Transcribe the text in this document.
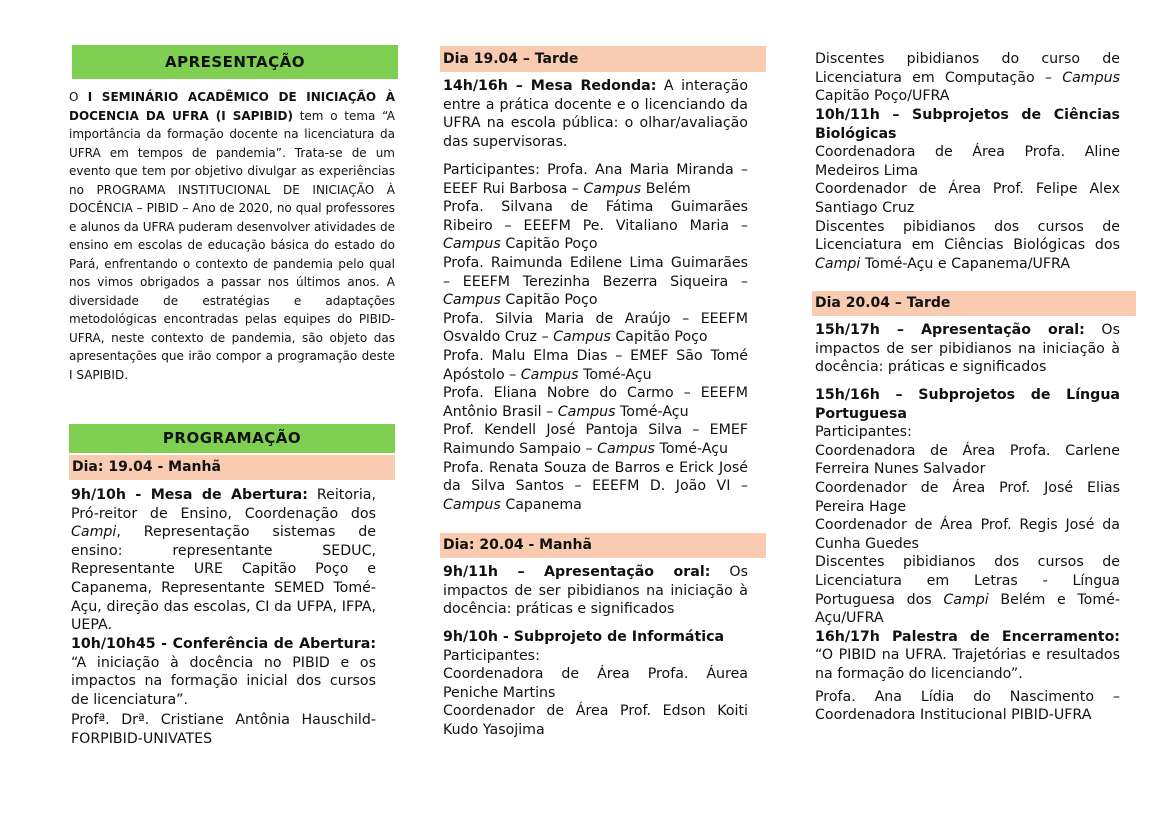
APRESENTAÇÃO

O I SEMINÁRIO ACADÊMICO DE INICIAÇÃO À DOCENCIA DA UFRA (I SAPIBID) tem o tema “A importância da formação docente na licenciatura da UFRA em tempos de pandemia”. Trata-se de um evento que tem por objetivo divulgar as experiências no PROGRAMA INSTITUCIONAL DE INICIAÇÃO À DOCÊNCIA – PIBID – Ano de 2020, no qual professores e alunos da UFRA puderam desenvolver atividades de ensino em escolas de educação básica do estado do Pará, enfrentando o contexto de pandemia pelo qual nos vimos obrigados a passar nos últimos anos. A diversidade de estratégias e adaptações metodológicas encontradas pelas equipes do PIBID-UFRA, neste contexto de pandemia, são objeto das apresentações que irão compor a programação deste I SAPIBID.

PROGRAMAÇÃO
Dia: 19.04 - Manhã

9h/10h - Mesa de Abertura: Reitoria, Pró-reitor de Ensino, Coordenação dos Campi, Representação sistemas de ensino: representante SEDUC, Representante URE Capitão Poço e Capanema, Representante SEMED Tomé-Açu, direção das escolas, CI da UFPA, IFPA, UEPA.

10h/10h45 - Conferência de Abertura: “A iniciação à docência no PIBID e os impactos na formação inicial dos cursos de licenciatura”.

Profª. Drª. Cristiane Antônia Hauschild-FORPIBID-UNIVATES

Dia 19.04 – Tarde

14h/16h – Mesa Redonda: A interação entre a prática docente e o licenciando da UFRA na escola pública: o olhar/avaliação das supervisoras.

Participantes: Profa. Ana Maria Miranda – EEEF Rui Barbosa – Campus Belém

Profa. Silvana de Fátima Guimarães Ribeiro – EEEFM Pe. Vitaliano Maria – Campus Capitão Poço

Profa. Raimunda Edilene Lima Guimarães – EEEFM Terezinha Bezerra Siqueira – Campus Capitão Poço

Profa. Silvia Maria de Araújo – EEEFM Osvaldo Cruz – Campus Capitão Poço

Profa. Malu Elma Dias – EMEF São Tomé Apóstolo – Campus Tomé-Açu

Profa. Eliana Nobre do Carmo – EEEFM Antônio Brasil – Campus Tomé-Açu

Prof. Kendell José Pantoja Silva – EMEF Raimundo Sampaio – Campus Tomé-Açu

Profa. Renata Souza de Barros e Erick José da Silva Santos – EEEFM D. João VI – Campus Capanema

Dia: 20.04 - Manhã

9h/11h – Apresentação oral: Os impactos de ser pibidianos na iniciação à docência: práticas e significados

9h/10h - Subprojeto de Informática

Participantes:

Coordenadora de Área Profa. Áurea Peniche Martins

Coordenador de Área Prof. Edson Koiti Kudo Yasojima

Discentes pibidianos do curso de Licenciatura em Computação – Campus Capitão Poço/UFRA

10h/11h – Subprojetos de Ciências Biológicas

Coordenadora de Área Profa. Aline Medeiros Lima

Coordenador de Área Prof. Felipe Alex Santiago Cruz

Discentes pibidianos dos cursos de Licenciatura em Ciências Biológicas dos Campi Tomé-Açu e Capanema/UFRA

Dia 20.04 – Tarde

15h/17h – Apresentação oral: Os impactos de ser pibidianos na iniciação à docência: práticas e significados

15h/16h – Subprojetos de Língua Portuguesa

Participantes:

Coordenadora de Área Profa. Carlene Ferreira Nunes Salvador

Coordenador de Área Prof. José Elias Pereira Hage

Coordenador de Área Prof. Regis José da Cunha Guedes

Discentes pibidianos dos cursos de Licenciatura em Letras - Língua Portuguesa dos Campi Belém e Tomé-Açu/UFRA

16h/17h Palestra de Encerramento: “O PIBID na UFRA. Trajetórias e resultados na formação do licenciando”.

Profa. Ana Lídia do Nascimento – Coordenadora Institucional PIBID-UFRA
